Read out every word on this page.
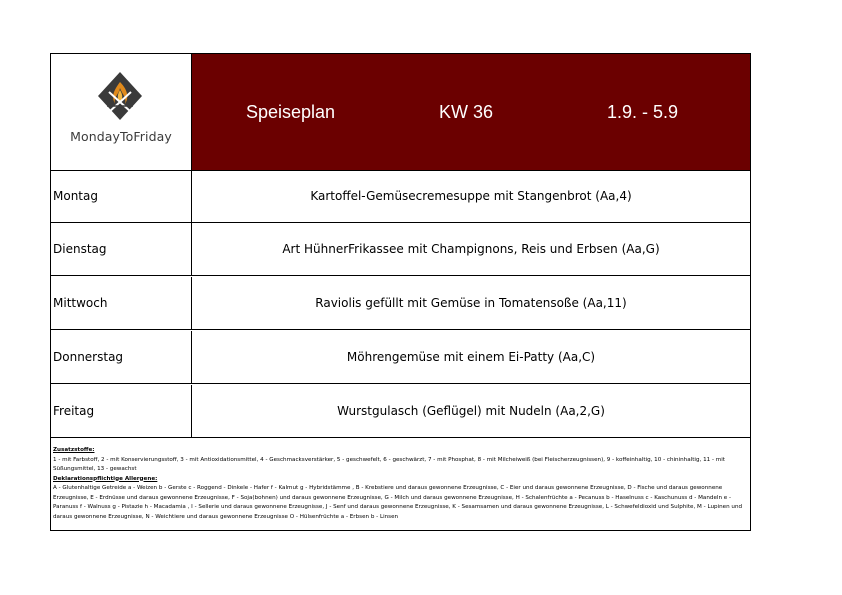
MondayToFriday
Speiseplan	KW 36	1.9. - 5.9
Montag	Kartoffel-Gemüsecremesuppe mit Stangenbrot (Aa,4)
Dienstag	Art HühnerFrikassee mit Champignons, Reis und Erbsen (Aa,G)
Mittwoch	Raviolis gefüllt mit Gemüse in Tomatensoße (Aa,11)
Donnerstag	Möhrengemüse mit einem Ei-Patty (Aa,C)
Freitag	Wurstgulasch (Geflügel) mit Nudeln (Aa,2,G)
Zusatzstoffe:
1 - mit Farbstoff, 2 - mit Konservierungsstoff, 3 - mit Antioxidationsmittel, 4 - Geschmacksverstärker, 5 - geschwefelt, 6 - geschwärzt, 7 - mit Phosphat, 8 - mit Milcheiweiß (bei Fleischerzeugnissen), 9 - koffeinhaltig, 10 - chininhaltig, 11 - mit Süßungsmittel, 13 - gewachst
Deklarationspflichtige Allergene:
A - Glutenhaltige Getreide a - Weizen b - Gerste c - Roggend - Dinkele - Hafer f - Kalmut g - Hybridstämme , B - Krebstiere und daraus gewonnene Erzeugnisse, C - Eier und daraus gewonnene Erzeugnisse, D - Fische und daraus gewonnene Erzeugnisse, E - Erdnüsse und daraus gewonnene Erzeugnisse, F - Soja(bohnen) und daraus gewonnene Erzeugnisse, G - Milch und daraus gewonnene Erzeugnisse, H - Schalenfrüchte a - Pecanuss b - Haselnuss c - Kaschunuss d - Mandeln e - Paranuss f - Walnuss g - Pistazie h - Macadamia , I - Sellerie und daraus gewonnene Erzeugnisse, J - Senf und daraus gewonnene Erzeugnisse, K - Sesamsamen und daraus gewonnene Erzeugnisse, L - Schwefeldioxid und Sulphite, M - Lupinen und daraus gewonnene Erzeugnisse, N - Weichtiere und daraus gewonnene Erzeugnisse O - Hülsenfrüchte a - Erbsen b - Linsen
